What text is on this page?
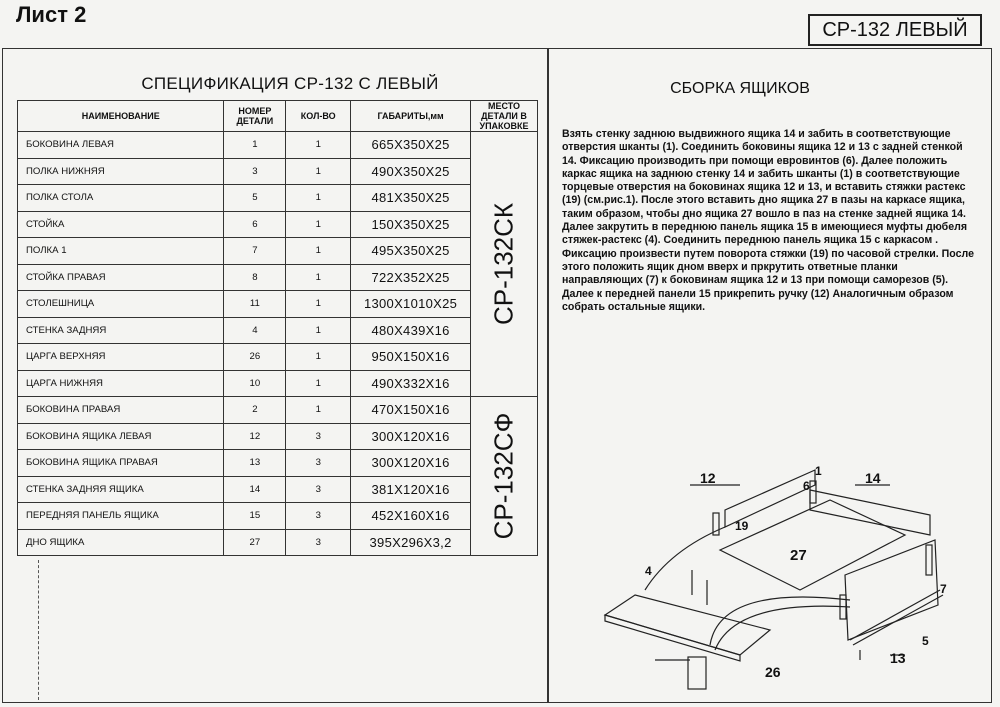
Лист 2
СР-132 ЛЕВЫЙ
СПЕЦИФИКАЦИЯ СР-132 С ЛЕВЫЙ
НАИМЕНОВАНИЕ	НОМЕР ДЕТАЛИ	КОЛ-ВО	ГАБАРИТЫ,мм	МЕСТО ДЕТАЛИ В УПАКОВКЕ
БОКОВИНА ЛЕВАЯ	1	1	665Х350Х25	СР-132СК

ПОЛКА НИЖНЯЯ	3	1	490Х350Х25	
ПОЛКА СТОЛА	5	1	481Х350Х25	
СТОЙКА	6	1	150Х350Х25	
ПОЛКА 1	7	1	495Х350Х25	
СТОЙКА ПРАВАЯ	8	1	722Х352Х25	
СТОЛЕШНИЦА	11	1	1300Х1010Х25	
СТЕНКА ЗАДНЯЯ	4	1	480Х439Х16	
ЦАРГА ВЕРХНЯЯ	26	1	950Х150Х16	
ЦАРГА НИЖНЯЯ	10	1	490Х332Х16	
БОКОВИНА ПРАВАЯ	2	1	470Х150Х16	СР-132СФ

БОКОВИНА ЯЩИКА ЛЕВАЯ	12	3	300Х120Х16	
БОКОВИНА ЯЩИКА ПРАВАЯ	13	3	300Х120Х16	
СТЕНКА ЗАДНЯЯ ЯЩИКА	14	3	381Х120Х16	
ПЕРЕДНЯЯ ПАНЕЛЬ ЯЩИКА	15	3	452Х160Х16	
ДНО ЯЩИКА	27	3	395Х296Х3,2	
СБОРКА ЯЩИКОВ
Взять стенку заднюю выдвижного ящика 14 и забить в соответствующие отверстия шканты (1). Соединить боковины ящика 12 и 13 с задней стенкой 14. Фиксацию производить при помощи евровинтов (6). Далее положить каркас ящика на заднюю стенку 14 и забить шканты (1) в соответствующие торцевые отверстия на боковинах ящика 12 и 13, и вставить стяжки растекс (19) (см.рис.1). После этого вставить дно ящика 27 в пазы на каркасе ящика, таким образом, чтобы дно ящика 27 вошло в паз на стенке задней ящика 14. Далее закрутить в переднюю панель ящика 15 в имеющиеся муфты дюбеля стяжек-растекс (4). Соединить переднюю панель ящика 15 с каркасом . Фиксацию произвести путем поворота стяжки (19) по часовой стрелки. После этого положить ящик дном вверх и пркрутить ответные планки направляющих (7) к боковинам ящика 12 и 13 при помощи саморезов (5). Далее к передней панели 15 прикрепить ручку (12) Аналогичным образом собрать остальные ящики.
12	14
19
1
6
27
4
7
5
13
26
